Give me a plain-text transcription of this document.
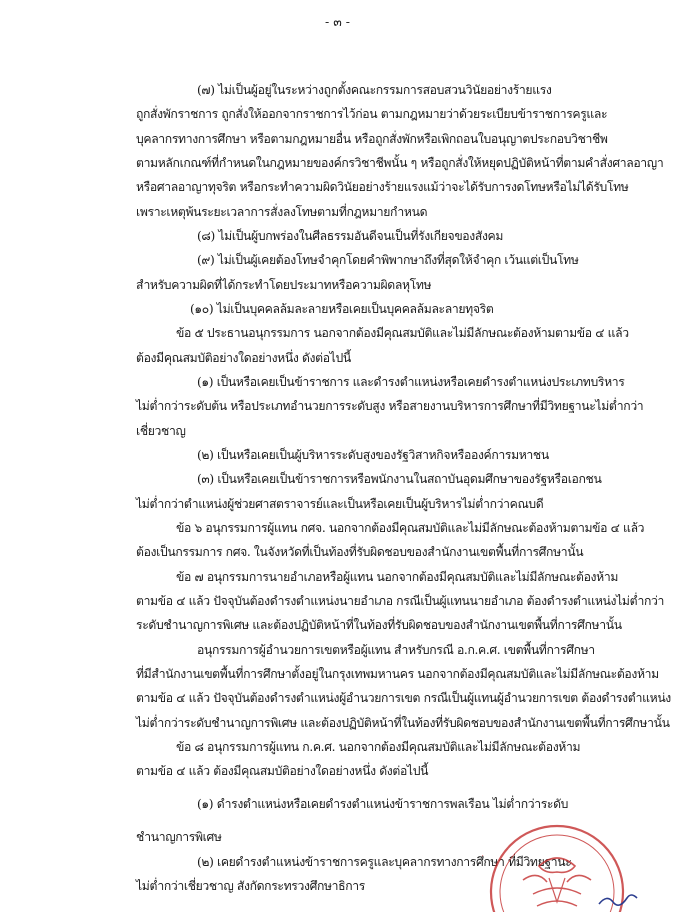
- ๓ -
(๗) ไม่เป็นผู้อยู่ในระหว่างถูกตั้งคณะกรรมการสอบสวนวินัยอย่างร้ายแรง
ถูกสั่งพักราชการ ถูกสั่งให้ออกจากราชการไว้ก่อน ตามกฎหมายว่าด้วยระเบียบข้าราชการครูและ
บุคลากรทางการศึกษา หรือตามกฎหมายอื่น หรือถูกสั่งพักหรือเพิกถอนใบอนุญาตประกอบวิชาชีพ
ตามหลักเกณฑ์ที่กำหนดในกฎหมายของค์กรวิชาชีพนั้น ๆ หรือถูกสั่งให้หยุดปฏิบัติหน้าที่ตามคำสั่งศาลอาญา
หรือศาลอาญาทุจริต หรือกระทำความผิดวินัยอย่างร้ายแรงแม้ว่าจะได้รับการงดโทษหรือไม่ได้รับโทษ
เพราะเหตุพ้นระยะเวลาการสั่งลงโทษตามที่กฎหมายกำหนด
(๘) ไม่เป็นผู้บกพร่องในศีลธรรมอันดีจนเป็นที่รังเกียจของสังคม
(๙) ไม่เป็นผู้เคยต้องโทษจำคุกโดยคำพิพากษาถึงที่สุดให้จำคุก เว้นแต่เป็นโทษ
สำหรับความผิดที่ได้กระทำโดยประมาทหรือความผิดลหุโทษ
(๑๐) ไม่เป็นบุคคลล้มละลายหรือเคยเป็นบุคคลล้มละลายทุจริต
ข้อ ๕ ประธานอนุกรรมการ นอกจากต้องมีคุณสมบัติและไม่มีลักษณะต้องห้ามตามข้อ ๔ แล้ว
ต้องมีคุณสมบัติอย่างใดอย่างหนึ่ง ดังต่อไปนี้
(๑) เป็นหรือเคยเป็นข้าราชการ และดำรงตำแหน่งหรือเคยดำรงตำแหน่งประเภทบริหาร
ไม่ต่ำกว่าระดับต้น หรือประเภทอำนวยการระดับสูง หรือสายงานบริหารการศึกษาที่มีวิทยฐานะไม่ต่ำกว่า
เชี่ยวชาญ
(๒) เป็นหรือเคยเป็นผู้บริหารระดับสูงของรัฐวิสาหกิจหรือองค์การมหาชน
(๓) เป็นหรือเคยเป็นข้าราชการหรือพนักงานในสถาบันอุดมศึกษาของรัฐหรือเอกชน
ไม่ต่ำกว่าตำแหน่งผู้ช่วยศาสตราจารย์และเป็นหรือเคยเป็นผู้บริหารไม่ต่ำกว่าคณบดี
ข้อ ๖ อนุกรรมการผู้แทน กศจ. นอกจากต้องมีคุณสมบัติและไม่มีลักษณะต้องห้ามตามข้อ ๔ แล้ว
ต้องเป็นกรรมการ กศจ. ในจังหวัดที่เป็นท้องที่รับผิดชอบของสำนักงานเขตพื้นที่การศึกษานั้น
ข้อ ๗ อนุกรรมการนายอำเภอหรือผู้แทน นอกจากต้องมีคุณสมบัติและไม่มีลักษณะต้องห้าม
ตามข้อ ๔ แล้ว ปัจจุบันต้องดำรงตำแหน่งนายอำเภอ กรณีเป็นผู้แทนนายอำเภอ ต้องดำรงตำแหน่งไม่ต่ำกว่า
ระดับชำนาญการพิเศษ และต้องปฏิบัติหน้าที่ในท้องที่รับผิดชอบของสำนักงานเขตพื้นที่การศึกษานั้น
อนุกรรมการผู้อำนวยการเขตหรือผู้แทน สำหรับกรณี อ.ก.ค.ศ. เขตพื้นที่การศึกษา
ที่มีสำนักงานเขตพื้นที่การศึกษาตั้งอยู่ในกรุงเทพมหานคร นอกจากต้องมีคุณสมบัติและไม่มีลักษณะต้องห้าม
ตามข้อ ๔ แล้ว ปัจจุบันต้องดำรงตำแหน่งผู้อำนวยการเขต กรณีเป็นผู้แทนผู้อำนวยการเขต ต้องดำรงตำแหน่ง
ไม่ต่ำกว่าระดับชำนาญการพิเศษ และต้องปฏิบัติหน้าที่ในท้องที่รับผิดชอบของสำนักงานเขตพื้นที่การศึกษานั้น
ข้อ ๘ อนุกรรมการผู้แทน ก.ค.ศ. นอกจากต้องมีคุณสมบัติและไม่มีลักษณะต้องห้าม
ตามข้อ ๔ แล้ว ต้องมีคุณสมบัติอย่างใดอย่างหนึ่ง ดังต่อไปนี้
(๑) ดำรงตำแหน่งหรือเคยดำรงตำแหน่งข้าราชการพลเรือน ไม่ต่ำกว่าระดับ
ชำนาญการพิเศษ
(๒) เคยดำรงตำแหน่งข้าราชการครูและบุคลากรทางการศึกษา ที่มีวิทยฐานะ
ไม่ต่ำกว่าเชี่ยวชาญ สังกัดกระทรวงศึกษาธิการ
ฺ
